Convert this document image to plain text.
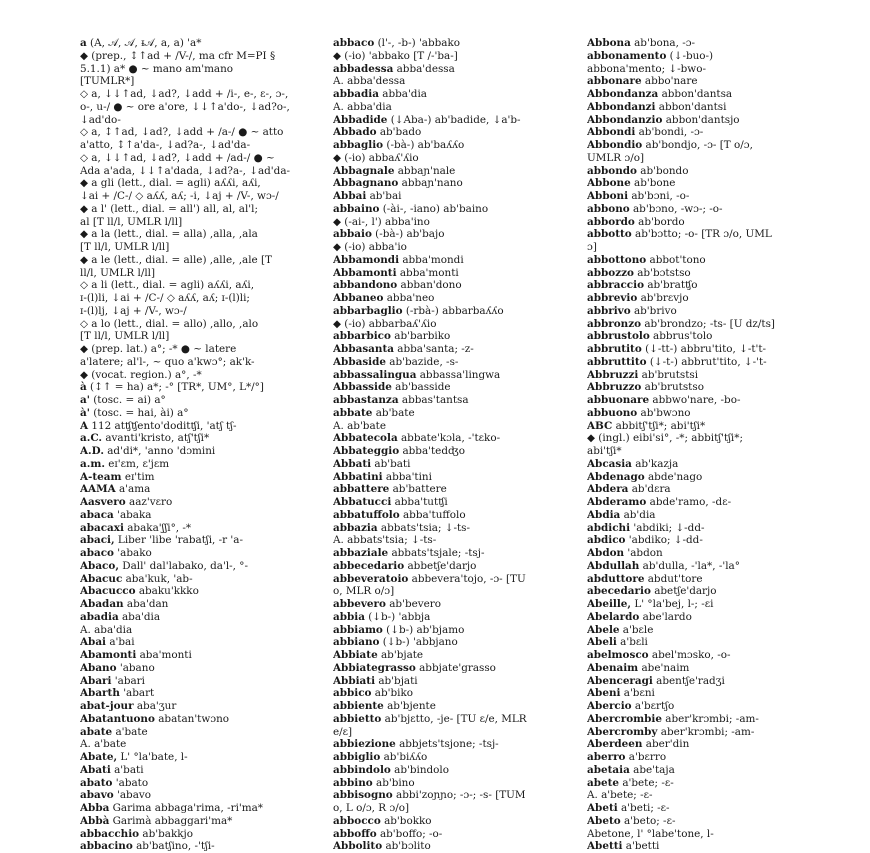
a (A, 𝒜, 𝒜, ᵻ𝒜, a, a) 'a*
◆ (prep., ↕↑ad + /V-/, ma cfr M=PI §
5.1.1) a* ● ~ mano am'mano
[TUMLR*]
◇ a, ↓↓↑ad, ↓ad?, ↓add + /i-, e-, ε-, ɔ-,
o-, u-/ ● ~ ore a'ore, ↓↓↑a'do-, ↓ad?o-,
↓ad'do-
◇ a, ↕↑ad, ↓ad?, ↓add + /a-/ ● ~ atto
a'atto, ↕↑a'da-, ↓ad?a-, ↓ad'da-
◇ a, ↓↓↑ad, ↓ad?, ↓add + /ad-/ ● ~
Ada a'ada, ↓↓↑a'dada, ↓ad?a-, ↓ad'da-
◆ a gli (lett., dial. = agli) aʎʎi, aʎi,
↓ai + /C-/ ◇ aʎʎ, aʎ; -i, ↓aj + /V-, wɔ-/
◆ a l' (lett., dial. = all') all, al, al'l;
al [T ll/l, UMLR l/ll]
◆ a la (lett., dial. = alla) ,alla, ,ala
[T ll/l, UMLR l/ll]
◆ a le (lett., dial. = alle) ,alle, ,ale [T
ll/l, UMLR l/ll]
◇ a li (lett., dial. = agli) aʎʎi, aʎi,
ɪ-(l)li, ↓ai + /C-/ ◇ aʎʎ, aʎ; ɪ-(l)li;
ɪ-(l)lj, ↓aj + /V-, wɔ-/
◇ a lo (lett., dial. = allo) ,allo, ,alo
[T ll/l, UMLR l/ll]
◆ (prep. lat.) a°; -* ● ~ latere
a'latere; al'l-, ~ quo a'kwɔ°; ak'k-
◆ (vocat. region.) a°, -*
à (↕↑ = ha) a*; -° [TR*, UM°, L*/°]
a' (tosc. = ai) a°
à' (tosc. = hai, ài) a°
A 112 atʧʧento'doditʧi, 'atʃ tʃ-
a.C. avanti'kristo, atʃ'tʃi*
A.D. ad'di*, 'anno 'dɔmini
a.m. eɪ'εm, ε'jεm
A-team eɪ'tim
AAMA a'ama
Aasvero aaz'vεro
abaca 'abaka
abacaxi abaka'ʃʃi°, -*
abaci, Liber 'libe 'rabatʃi, -r 'a-
abaco 'abako
Abaco, Dall' dal'labako, da'l-, °-
Abacuc aba'kuk, 'ab-
Abacucco abaku'kkko
Abadan aba'dan
abadia aba'dia
A. aba'dia
Abai a'bai
Abamonti aba'monti
Abano 'abano
Abari 'abari
Abarth 'abart
abat-jour aba'ʒur
Abatantuono abatan'twɔno
abate a'bate
A. a'bate
Abate, L' °la'bate, l-
Abati a'bati
abato 'abato
abavo 'abavo
Abba Garima abbaga'rima, -ri'ma*
Abbà Garimà abbaggari'ma*
abbacchio ab'bakkjo
abbacino ab'batʃino, -'tʃi-
abbaco (l'-, -b-) 'abbako
◆ (-io) 'abbako [T /-'ba-]
abbadessa abba'dessa
A. abba'dessa
abbadia abba'dia
A. abba'dia
Abbadide (↓Aba-) ab'badide, ↓a'b-
Abbado ab'bado
abbaglio (-bà-) ab'baʎʎo
◆ (-io) abbaʎ'ʎio
Abbagnale abbaɲ'nale
Abbagnano abbaɲ'nano
Abbai ab'bai
abbaino (-ài-, -iano) ab'baino
◆ (-ai-, l') abba'ino
abbaio (-bà-) ab'bajo
◆ (-io) abba'io
Abbamondi abba'mondi
Abbamonti abba'monti
abbandono abban'dono
Abbaneo abba'neo
abbarbaglio (-rbà-) abbarbaʎʎo
◆ (-io) abbarbaʎ'ʎio
abbarbico ab'barbiko
Abbasanta abba'santa; -z-
Abbaside ab'bazide, -s-
abbassalingua abbassa'lingwa
Abbasside ab'basside
abbastanza abbas'tantsa
abbate ab'bate
A. ab'bate
Abbatecola abbate'kɔla, -'tεko-
Abbateggio abba'tedʤo
Abbati ab'bati
Abbatini abba'tini
abbattere ab'battere
Abbatucci abba'tutʧi
abbatuffolo abba'tuffolo
abbazia abbats'tsia; ↓-ts-
A. abbats'tsia; ↓-ts-
abbaziale abbats'tsjale; -tsj-
abbecedario abbetʃe'darjo
abbeveratoio abbevera'tojo, -ɔ- [TU
o, MLR o/ɔ]
abbevero ab'bevero
abbia (↓b-) 'abbja
abbiamo (↓b-) ab'bjamo
abbiano (↓b-) 'abbjano
Abbiate ab'bjate
Abbiategrasso abbjate'grasso
Abbiati ab'bjati
abbico ab'biko
abbiente ab'bjente
abbietto ab'bjεtto, -je- [TU ε/e, MLR
e/ε]
abbiezione abbjets'tsjone; -tsj-
abbiglio ab'biʎʎo
abbindolo ab'bindolo
abbino ab'bino
abbisogno abbi'zoɲɲo; -ɔ-; -s- [TUM
o, L o/ɔ, R ɔ/o]
abbocco ab'bokko
abboffo ab'boffo; -o-
Abbolito ab'bɔlito
Abbona ab'bona, -ɔ-
abbonamento (↓-buo-)
abbona'mento; ↓-bwo-
abbonare abbo'nare
Abbondanza abbon'dantsa
Abbondanzi abbon'dantsi
Abbondanzio abbon'dantsjo
Abbondi ab'bondi, -ɔ-
Abbondio ab'bondjo, -ɔ- [T o/ɔ,
UMLR ɔ/o]
abbondo ab'bondo
Abbone ab'bone
Abboni ab'bɔni, -o-
abbono ab'bɔno, -wɔ-; -o-
abbordo ab'bordo
abbotto ab'bɔtto; -o- [TR ɔ/o, UML
ɔ]
abbottono abbot'tono
abbozzo ab'bɔtstso
abbraccio ab'bratʧo
abbrevio ab'brεvjo
abbrivo ab'brivo
abbronzo ab'brondzo; -ts- [U dz/ts]
abbrustolo abbrus'tolo
abbrutito (↓-tt-) abbru'tito, ↓-t't-
abbruttito (↓-t-) abbrut'tito, ↓-'t-
Abbruzzi ab'brutstsi
Abbruzzo ab'brutstso
abbuonare abbwo'nare, -bo-
abbuono ab'bwɔno
ABC abbitʃ'tʃi*; abi'tʃi*
◆ (ingl.) eibi'si°, -*; abbitʃ'tʃi*;
abi'tʃi*
Abcasia ab'kazja
Abdenago abde'nago
Abdera ab'dεra
Abderamo abde'ramo, -dε-
Abdia ab'dia
abdichi 'abdiki; ↓-dd-
abdico 'abdiko; ↓-dd-
Abdon 'abdon
Abdullah ab'dulla, -'la*, -'la°
abduttore abdut'tore
abecedario abetʃe'darjo
Abeille, L' °la'bej, l-; -εi
Abelardo abe'lardo
Abele a'bεle
Abeli a'bεli
abelmosco abel'mɔsko, -o-
Abenaim abe'naim
Abenceragi abentʃe'radʒi
Abeni a'bεni
Abercio a'bεrtʃo
Abercrombie aber'krɔmbi; -am-
Abercromby aber'krɔmbi; -am-
Aberdeen aber'din
aberro a'bεrro
abetaia abe'taja
abete a'bete; -ε-
A. a'bete; -ε-
Abeti a'beti; -ε-
Abeto a'beto; -ε-
Abetone, l' °labe'tone, l-
Abetti a'betti
